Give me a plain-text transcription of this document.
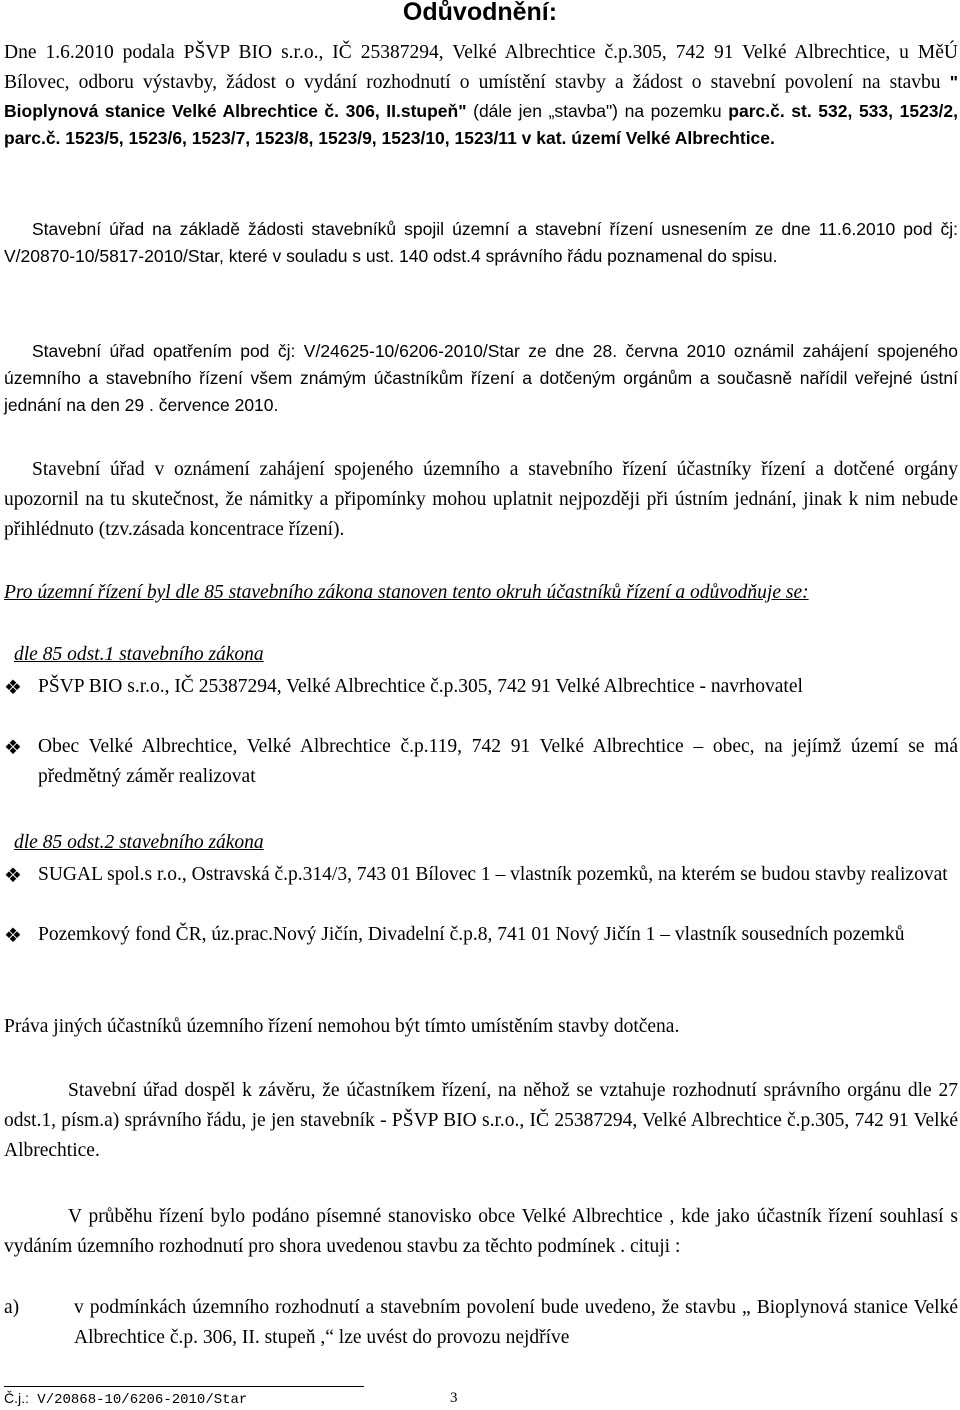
Odůvodnění:

Dne 1.6.2010 podala PŠVP BIO s.r.o., IČ 25387294, Velké Albrechtice č.p.305, 742 91 Velké Albrechtice, u MěÚ Bílovec, odboru výstavby, žádost o vydání rozhodnutí o umístění stavby a žádost o stavební povolení na stavbu " Bioplynová stanice Velké Albrechtice č. 306, II.stupeň" (dále jen „stavba") na pozemku parc.č. st. 532, 533, 1523/2, parc.č. 1523/5, 1523/6, 1523/7, 1523/8, 1523/9, 1523/10, 1523/11 v kat. území Velké Albrechtice.

Stavební úřad na základě žádosti stavebníků spojil územní a stavební řízení usnesením ze dne 11.6.2010 pod čj: V/20870-10/5817-2010/Star, které v souladu s ust. 140 odst.4 správního řádu poznamenal do spisu.

Stavební úřad opatřením pod čj: V/24625-10/6206-2010/Star ze dne 28. června 2010 oznámil zahájení spojeného územního a stavebního řízení všem známým účastníkům řízení a dotčeným orgánům a současně nařídil veřejné ústní jednání na den 29 . července 2010.

Stavební úřad v oznámení zahájení spojeného územního a stavebního řízení účastníky řízení a dotčené orgány upozornil na tu skutečnost, že námitky a připomínky mohou uplatnit nejpozději při ústním jednání, jinak k nim nebude přihlédnuto (tzv.zásada koncentrace řízení).

Pro územní řízení byl dle 85 stavebního zákona stanoven tento okruh účastníků řízení a odůvodňuje se:

dle 85 odst.1 stavebního zákona
❖ PŠVP BIO s.r.o., IČ 25387294, Velké Albrechtice č.p.305, 742 91 Velké Albrechtice - navrhovatel
❖ Obec Velké Albrechtice, Velké Albrechtice č.p.119, 742 91 Velké Albrechtice – obec, na jejímž území se má předmětný záměr realizovat
dle 85 odst.2 stavebního zákona
❖ SUGAL spol.s r.o., Ostravská č.p.314/3, 743 01 Bílovec 1 – vlastník pozemků, na kterém se budou stavby realizovat
❖ Pozemkový fond ČR, úz.prac.Nový Jičín, Divadelní č.p.8, 741 01 Nový Jičín 1 – vlastník sousedních pozemků

Práva jiných účastníků územního řízení nemohou být tímto umístěním stavby dotčena.

Stavební úřad dospěl k závěru, že účastníkem řízení, na něhož se vztahuje rozhodnutí správního orgánu dle 27 odst.1, písm.a) správního řádu, je jen stavebník - PŠVP BIO s.r.o., IČ 25387294, Velké Albrechtice č.p.305, 742 91 Velké Albrechtice.

V průběhu řízení bylo podáno písemné stanovisko obce Velké Albrechtice , kde jako účastník řízení souhlasí s vydáním územního rozhodnutí pro shora uvedenou stavbu za těchto podmínek . cituji :

a)	v podmínkách územního rozhodnutí a stavebním povolení bude uvedeno, že stavbu „ Bioplynová stanice Velké Albrechtice č.p. 306, II. stupeň ,“ lze uvést do provozu nejdříve
Č.j.: V/20868-10/6206-2010/Star	3
